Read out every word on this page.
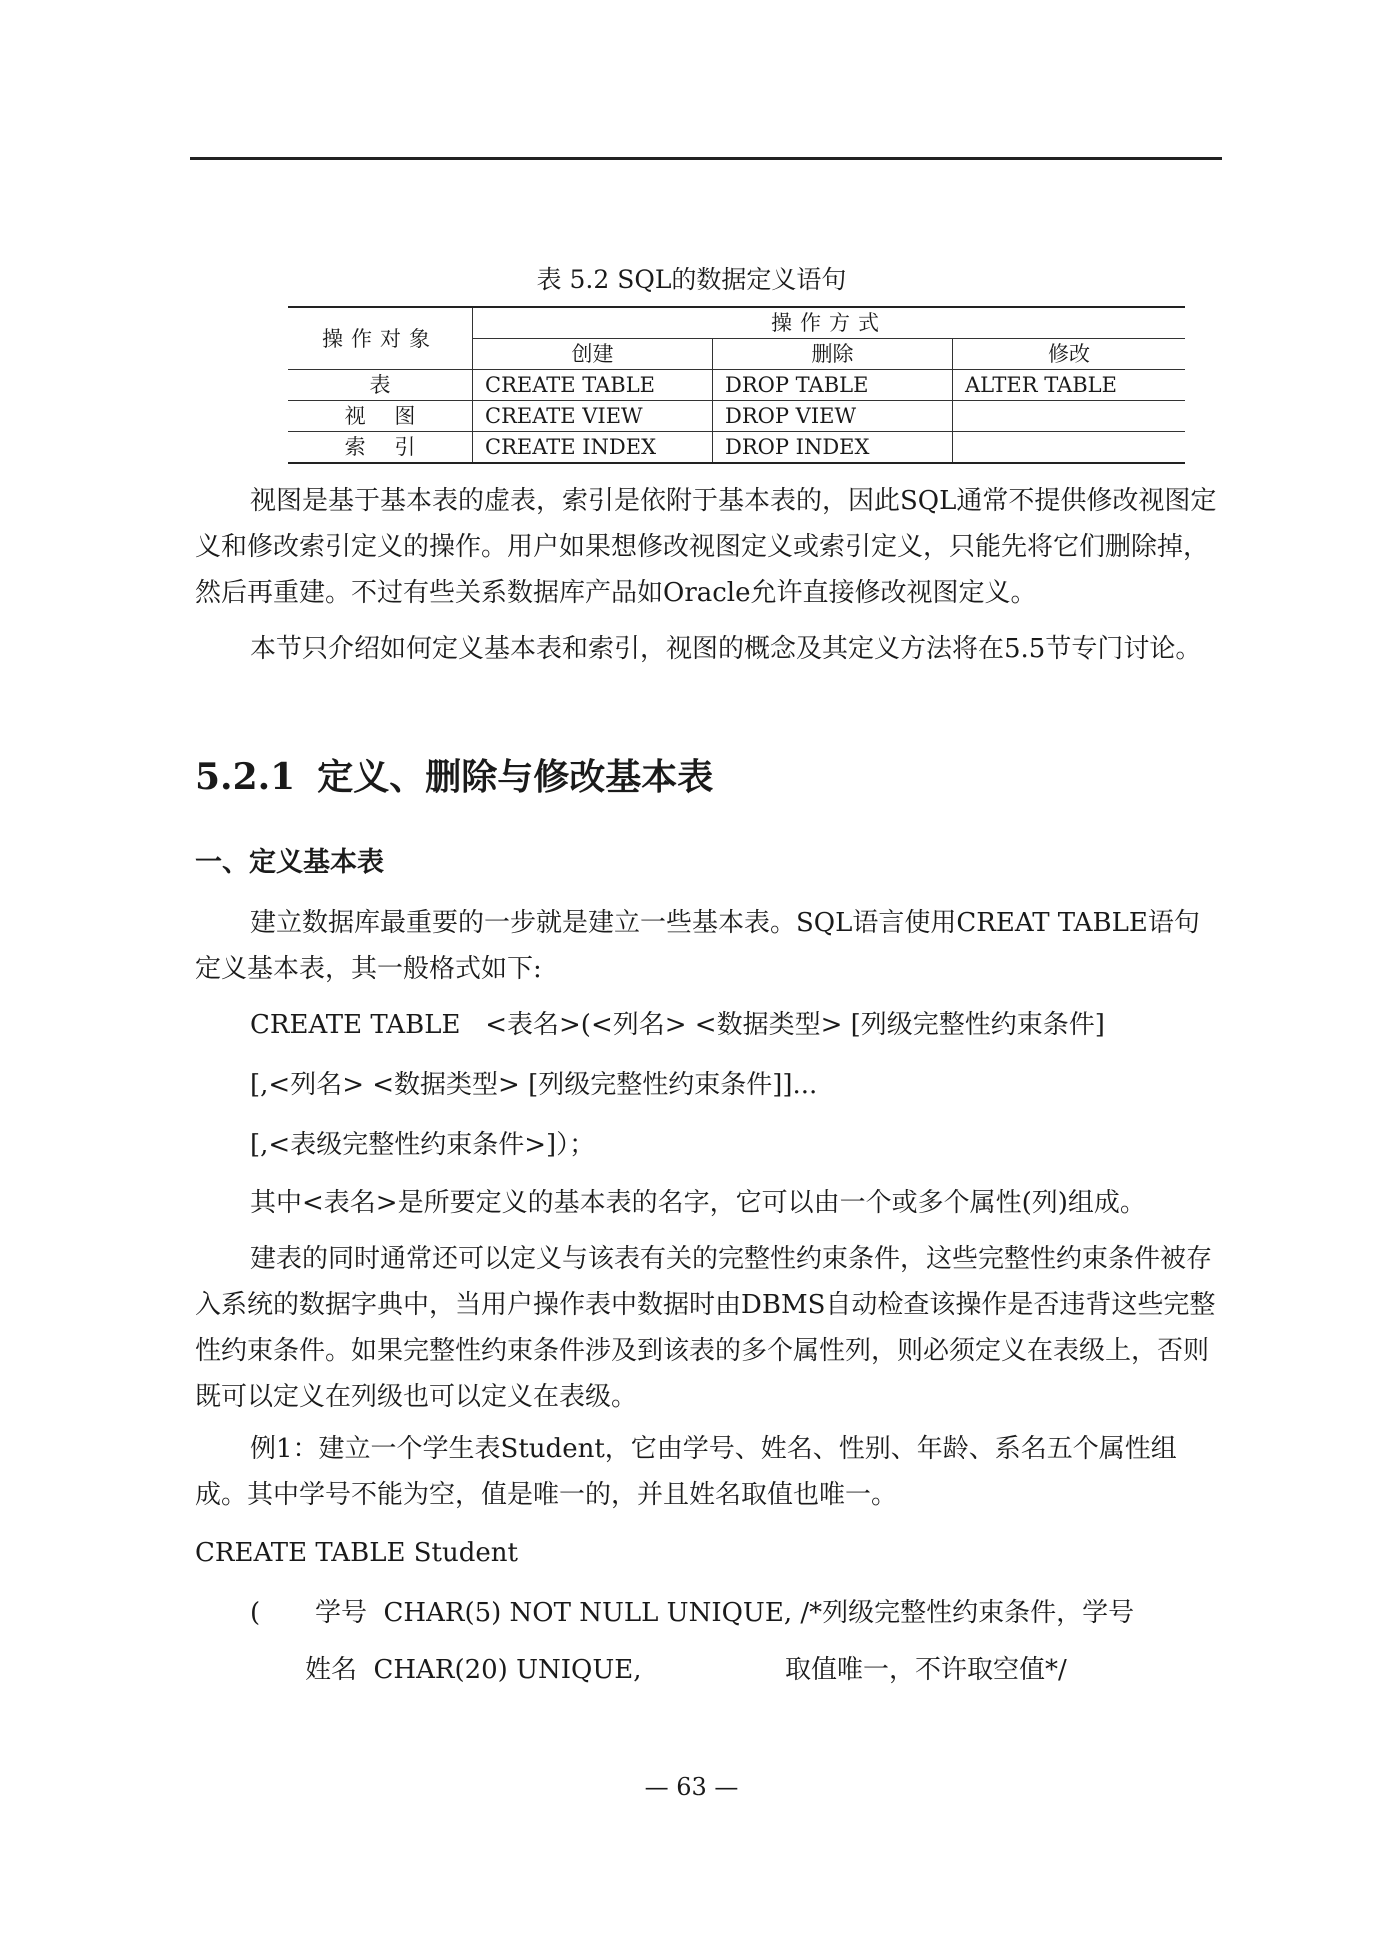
表 5.2 SQL的数据定义语句
操作对象	操作方式		
	创建	删除	修改
表	CREATE TABLE	DROP TABLE	ALTER TABLE
视 图	CREATE VIEW	DROP VIEW	
索 引	CREATE INDEX	DROP INDEX	
视图是基于基本表的虚表，索引是依附于基本表的，因此SQL通常不提供修改视图定义和修改索引定义的操作。用户如果想修改视图定义或索引定义，只能先将它们删除掉，然后再重建。不过有些关系数据库产品如Oracle允许直接修改视图定义。
本节只介绍如何定义基本表和索引，视图的概念及其定义方法将在5.5节专门讨论。
5.2.1 定义、删除与修改基本表
一、定义基本表
建立数据库最重要的一步就是建立一些基本表。SQL语言使用CREAT TABLE语句定义基本表，其一般格式如下:
CREATE TABLE   <表名>(<列名> <数据类型> [列级完整性约束条件]
[,<列名> <数据类型> [列级完整性约束条件]]...
[,<表级完整性约束条件>]）；
其中<表名>是所要定义的基本表的名字，它可以由一个或多个属性(列)组成。
建表的同时通常还可以定义与该表有关的完整性约束条件，这些完整性约束条件被存入系统的数据字典中，当用户操作表中数据时由DBMS自动检查该操作是否违背这些完整性约束条件。如果完整性约束条件涉及到该表的多个属性列，则必须定义在表级上，否则既可以定义在列级也可以定义在表级。
例1：建立一个学生表Student，它由学号、姓名、性别、年龄、系名五个属性组成。其中学号不能为空，值是唯一的，并且姓名取值也唯一。
CREATE TABLE Student
( 学号  CHAR(5) NOT NULL UNIQUE, /*列级完整性约束条件，学号
姓名  CHAR(20) UNIQUE,	取值唯一，不许取空值*/
— 63 —
